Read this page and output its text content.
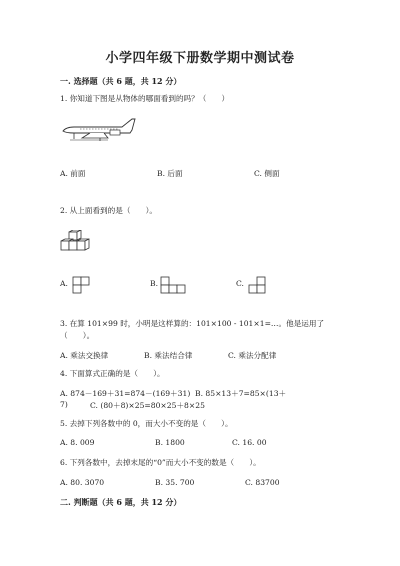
小学四年级下册数学期中测试卷
一. 选择题（共 6 题，共 12 分）
1. 你知道下图是从物体的哪面看到的吗？（　　）
A. 前面	B. 后面	C. 侧面
2. 从上面看到的是（　　）。
A.	B.	C.
3. 在算 101×99 时，小明是这样算的：101×100 - 101×1=…。他是运用了
（　　）。
A. 乘法交换律	B. 乘法结合律	C. 乘法分配律
4. 下面算式正确的是（　　）。
A. 874－169＋31=874－(169＋31) B. 85×13＋7=85×(13＋
7)	C. (80＋8)×25=80×25＋8×25
5. 去掉下列各数中的 0，而大小不变的是（　　）。
A. 8. 009	B. 1800	C. 16. 00
6. 下列各数中，去掉末尾的“0”而大小不变的数是（　　）。
A. 80. 3070	B. 35. 700	C. 83700
二. 判断题（共 6 题，共 12 分）
